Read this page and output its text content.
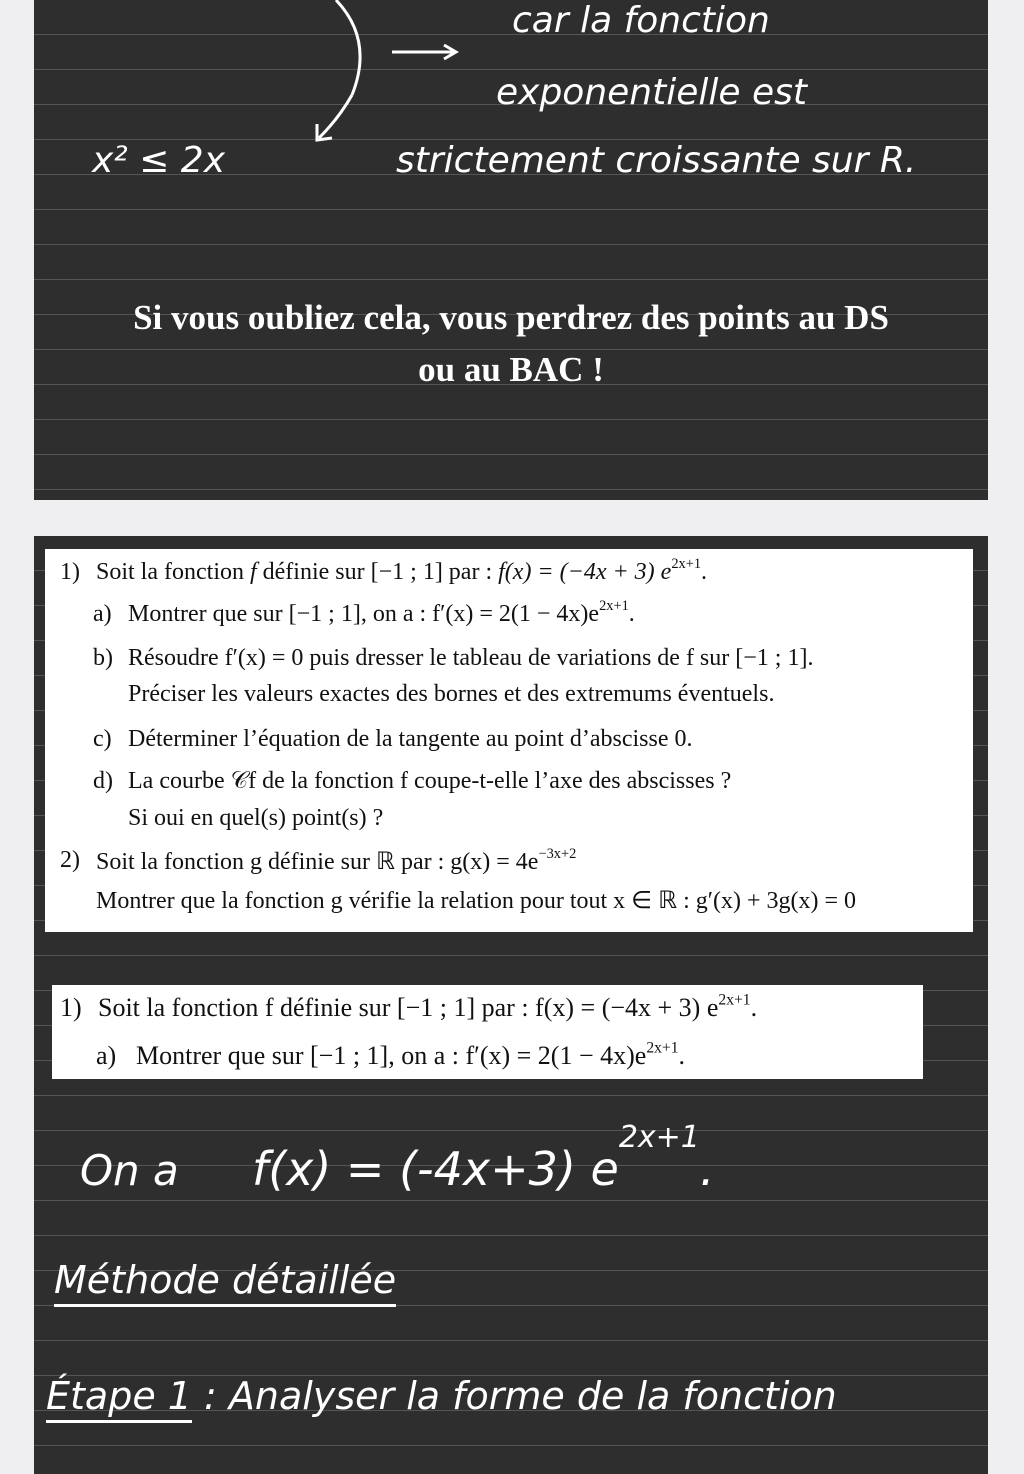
car la fonction
exponentielle est
strictement croissante sur R.
x² ≤ 2x
Si vous oubliez cela, vous perdrez des points au DS
ou au BAC !
On a f(x) = (-4x+3) $e^{2x+1}$.
Méthode détaillée
Étape 1 : Analyser la forme de la fonction
1) Soit la fonction f définie sur [−1 ; 1] par : f(x) = (−4x + 3) $e^{2x+1}$.
a) Montrer que sur [−1 ; 1], on a : $f'(x) = 2(1 - 4x)e^{2x+1}$.
b) Résoudre f′(x) = 0 puis dresser le tableau de variations de f sur [−1 ; 1].
Préciser les valeurs exactes des bornes et des extremums éventuels.
c) Déterminer l’équation de la tangente au point d’abscisse 0.
d) La courbe 𝒞f de la fonction f coupe-t-elle l’axe des abscisses ?
Si oui en quel(s) point(s) ?
2) Soit la fonction g définie sur ℝ par : $g(x) = 4e^{-3x+2}$
Montrer que la fonction g vérifie la relation pour tout x ∈ ℝ : g′(x) + 3g(x) = 0
1) Soit la fonction f définie sur [−1 ; 1] par : f(x) = (−4x + 3) $e^{2x+1}$.
a) Montrer que sur [−1 ; 1], on a : $f'(x) = 2(1 - 4x)e^{2x+1}$.
